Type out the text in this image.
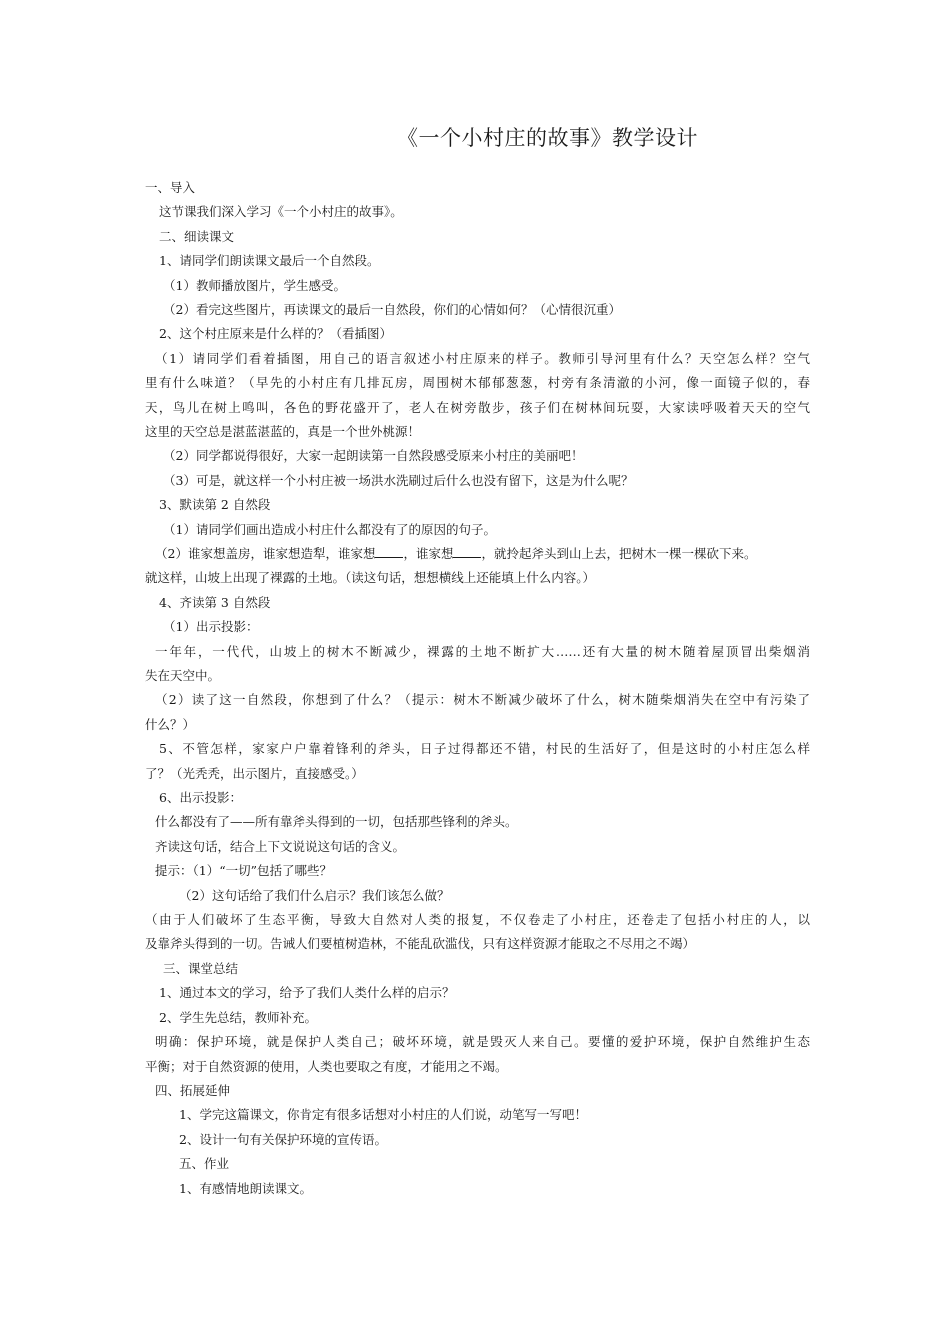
《一个小村庄的故事》教学设计
一、导入
这节课我们深入学习《一个小村庄的故事》。
二、细读课文
1、请同学们朗读课文最后一个自然段。
（1）教师播放图片，学生感受。
（2）看完这些图片，再读课文的最后一自然段，你们的心情如何？（心情很沉重）
2、这个村庄原来是什么样的？（看插图）
（1）请同学们看着插图，用自己的语言叙述小村庄原来的样子。教师引导河里有什么？天空怎么样？空气
里有什么味道？（早先的小村庄有几排瓦房，周围树木郁郁葱葱，村旁有条清澈的小河，像一面镜子似的，春
天，鸟儿在树上鸣叫，各色的野花盛开了，老人在树旁散步，孩子们在树林间玩耍，大家读呼吸着天天的空气
这里的天空总是湛蓝湛蓝的，真是一个世外桃源！
（2）同学都说得很好，大家一起朗读第一自然段感受原来小村庄的美丽吧！
（3）可是，就这样一个小村庄被一场洪水洗刷过后什么也没有留下，这是为什么呢？
3、默读第 2 自然段
（1）请同学们画出造成小村庄什么都没有了的原因的句子。
（2）谁家想盖房，谁家想造犁，谁家想 ，谁家想 ，就拎起斧头到山上去，把树木一棵一棵砍下来。
就这样，山坡上出现了裸露的土地。（读这句话，想想横线上还能填上什么内容。）
4、齐读第 3 自然段
（1）出示投影：
一年年，一代代，山坡上的树木不断减少，裸露的土地不断扩大……还有大量的树木随着屋顶冒出柴烟消
失在天空中。
（2）读了这一自然段，你想到了什么？（提示：树木不断减少破坏了什么，树木随柴烟消失在空中有污染了
什么？）
5、不管怎样，家家户户靠着锋利的斧头，日子过得都还不错，村民的生活好了，但是这时的小村庄怎么样
了？（光秃秃，出示图片，直接感受。）
6、出示投影：
什么都没有了——所有靠斧头得到的一切，包括那些锋利的斧头。
齐读这句话，结合上下文说说这句话的含义。
提示：（1）“一切”包括了哪些？
（2）这句话给了我们什么启示？我们该怎么做？
（由于人们破坏了生态平衡，导致大自然对人类的报复，不仅卷走了小村庄，还卷走了包括小村庄的人，以
及靠斧头得到的一切。告诫人们要植树造林，不能乱砍滥伐，只有这样资源才能取之不尽用之不竭）
三、课堂总结
1、通过本文的学习，给予了我们人类什么样的启示？
2、学生先总结，教师补充。
明确：保护环境，就是保护人类自己；破坏环境，就是毁灭人来自己。要懂的爱护环境，保护自然维护生态
平衡；对于自然资源的使用，人类也要取之有度，才能用之不竭。
四、拓展延伸
1、学完这篇课文，你肯定有很多话想对小村庄的人们说，动笔写一写吧！
2、设计一句有关保护环境的宣传语。
五、作业
1、有感情地朗读课文。
